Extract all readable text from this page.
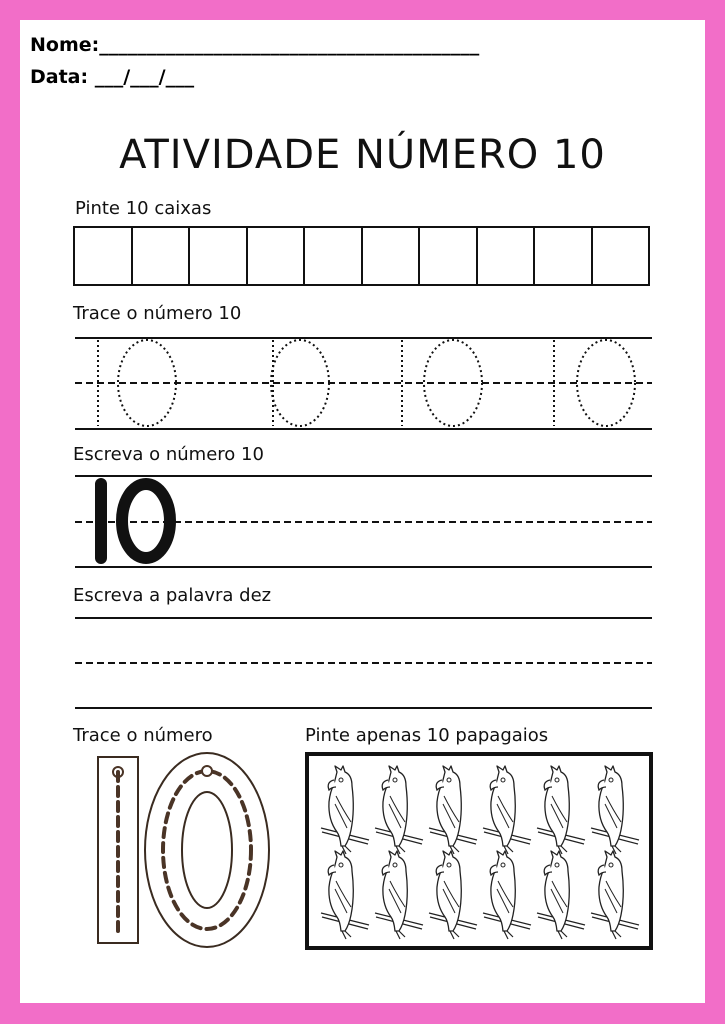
Nome:________________________________________
Data: ___/___/___
ATIVIDADE NÚMERO 10
Pinte 10 caixas
Trace o número 10
Escreva o número 10
Escreva a palavra dez
Trace o número	Pinte apenas 10 papagaios
